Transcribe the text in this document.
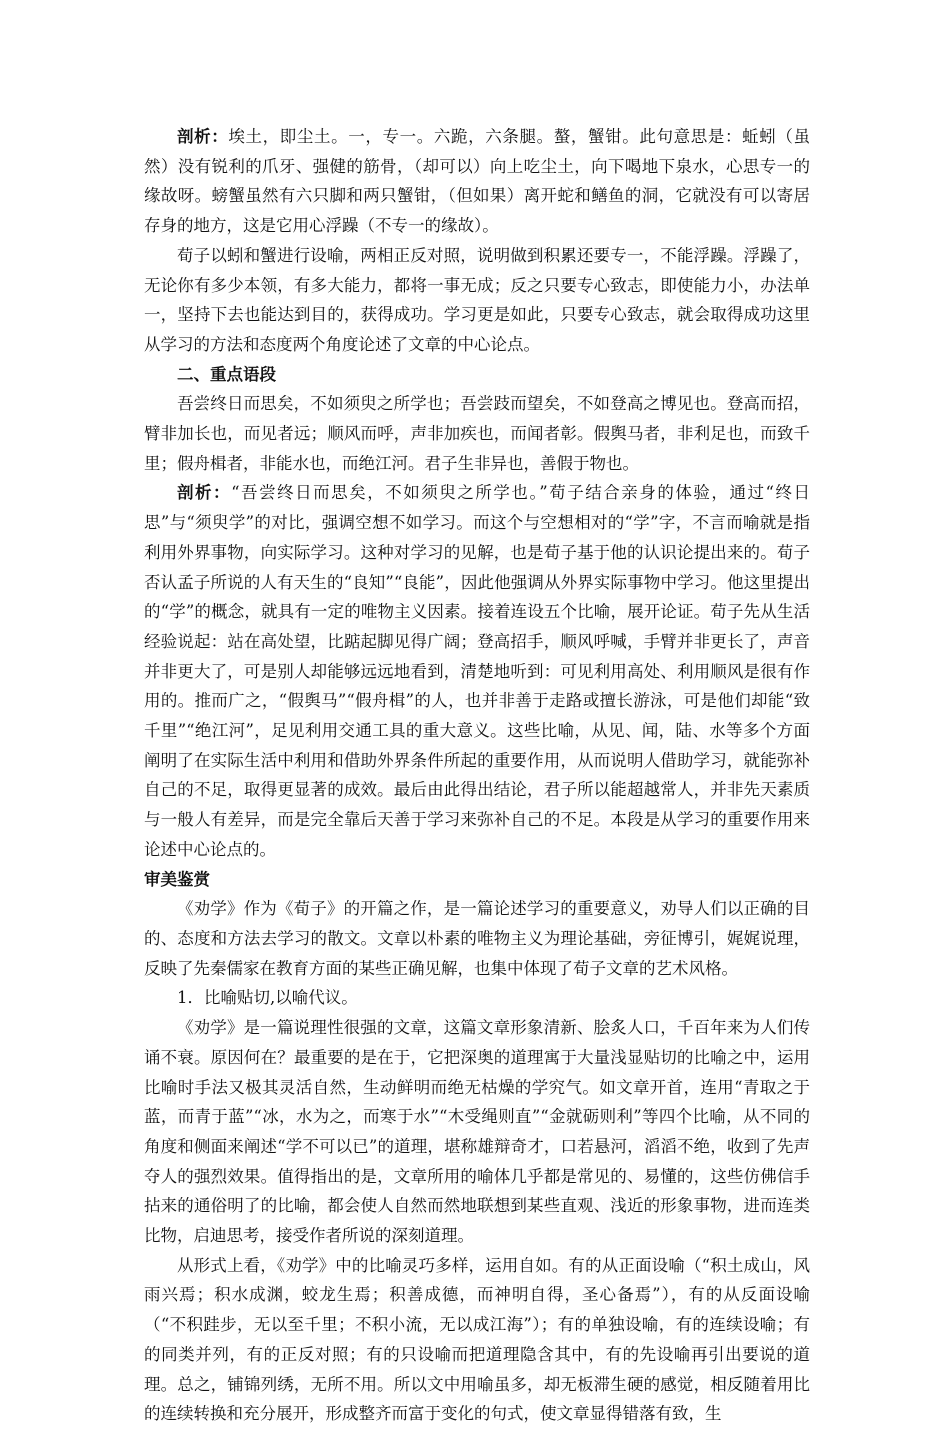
剖析：埃土，即尘土。一，专一。六跪，六条腿。螯，蟹钳。此句意思是：蚯蚓（虽然）没有锐利的爪牙、强健的筋骨，（却可以）向上吃尘土，向下喝地下泉水，心思专一的缘故呀。螃蟹虽然有六只脚和两只蟹钳，（但如果）离开蛇和鳝鱼的洞，它就没有可以寄居存身的地方，这是它用心浮躁（不专一的缘故）。

荀子以蚓和蟹进行设喻，两相正反对照，说明做到积累还要专一，不能浮躁。浮躁了，无论你有多少本领，有多大能力，都将一事无成；反之只要专心致志，即使能力小，办法单一，坚持下去也能达到目的，获得成功。学习更是如此，只要专心致志，就会取得成功这里从学习的方法和态度两个角度论述了文章的中心论点。

二、重点语段

吾尝终日而思矣，不如须臾之所学也；吾尝跂而望矣，不如登高之博见也。登高而招，臂非加长也，而见者远；顺风而呼，声非加疾也，而闻者彰。假舆马者，非利足也，而致千里；假舟楫者，非能水也，而绝江河。君子生非异也，善假于物也。

剖析：“吾尝终日而思矣，不如须臾之所学也。”荀子结合亲身的体验，通过“终日思”与“须臾学”的对比，强调空想不如学习。而这个与空想相对的“学”字，不言而喻就是指利用外界事物，向实际学习。这种对学习的见解，也是荀子基于他的认识论提出来的。荀子否认孟子所说的人有天生的“良知”“良能”，因此他强调从外界实际事物中学习。他这里提出的“学”的概念，就具有一定的唯物主义因素。接着连设五个比喻，展开论证。荀子先从生活经验说起：站在高处望，比踮起脚见得广阔；登高招手，顺风呼喊，手臂并非更长了，声音并非更大了，可是别人却能够远远地看到，清楚地听到：可见利用高处、利用顺风是很有作用的。推而广之，“假舆马”“假舟楫”的人，也并非善于走路或擅长游泳，可是他们却能“致千里”“绝江河”，足见利用交通工具的重大意义。这些比喻，从见、闻，陆、水等多个方面阐明了在实际生活中利用和借助外界条件所起的重要作用，从而说明人借助学习，就能弥补自己的不足，取得更显著的成效。最后由此得出结论，君子所以能超越常人，并非先天素质与一般人有差异，而是完全靠后天善于学习来弥补自己的不足。本段是从学习的重要作用来论述中心论点的。

审美鉴赏

《劝学》作为《荀子》的开篇之作，是一篇论述学习的重要意义，劝导人们以正确的目的、态度和方法去学习的散文。文章以朴素的唯物主义为理论基础，旁征博引，娓娓说理，反映了先秦儒家在教育方面的某些正确见解，也集中体现了荀子文章的艺术风格。

1．比喻贴切,以喻代议。

《劝学》是一篇说理性很强的文章，这篇文章形象清新、脍炙人口，千百年来为人们传诵不衰。原因何在？最重要的是在于，它把深奥的道理寓于大量浅显贴切的比喻之中，运用比喻时手法又极其灵活自然，生动鲜明而绝无枯燥的学究气。如文章开首，连用“青取之于蓝，而青于蓝”“冰，水为之，而寒于水”“木受绳则直”“金就砺则利”等四个比喻，从不同的角度和侧面来阐述“学不可以已”的道理，堪称雄辩奇才，口若悬河，滔滔不绝，收到了先声夺人的强烈效果。值得指出的是，文章所用的喻体几乎都是常见的、易懂的，这些仿佛信手拈来的通俗明了的比喻，都会使人自然而然地联想到某些直观、浅近的形象事物，进而连类比物，启迪思考，接受作者所说的深刻道理。

从形式上看，《劝学》中的比喻灵巧多样，运用自如。有的从正面设喻（“积土成山，风雨兴焉；积水成渊，蛟龙生焉；积善成德，而神明自得，圣心备焉”），有的从反面设喻（“不积跬步，无以至千里；不积小流，无以成江海”）；有的单独设喻，有的连续设喻；有的同类并列，有的正反对照；有的只设喻而把道理隐含其中，有的先设喻再引出要说的道理。总之，铺锦列绣，无所不用。所以文中用喻虽多，却无板滞生硬的感觉，相反随着用比的连续转换和充分展开，形成整齐而富于变化的句式，使文章显得错落有致，生
